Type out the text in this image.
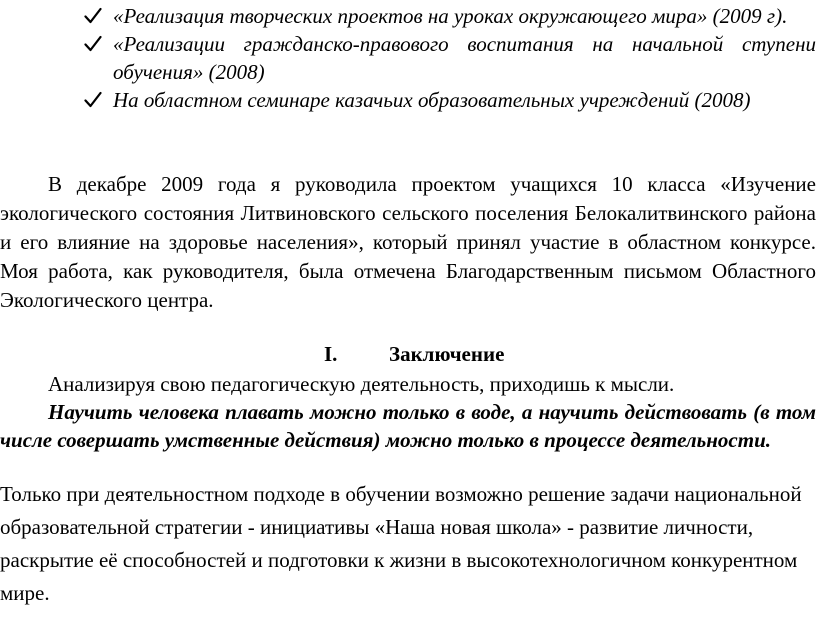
«Реализация творческих проектов на уроках окружающего мира» (2009 г).
«Реализации гражданско-правового воспитания на начальной ступени обучения» (2008)
На областном семинаре казачьих образовательных учреждений (2008)
В декабре 2009 года я руководила проектом учащихся 10 класса «Изучение экологического состояния Литвиновского сельского поселения Белокалитвинского района и его влияние на здоровье населения», который принял участие в областном конкурсе. Моя работа, как руководителя, была отмечена Благодарственным письмом Областного Экологического центра.
I. Заключение
Анализируя свою педагогическую деятельность, приходишь к мысли.
Научить человека плавать можно только в воде, а научить действовать (в том числе совершать умственные действия) можно только в процессе деятельности.
Только при деятельностном подходе в обучении возможно решение задачи национальной образовательной стратегии - инициативы «Наша новая школа» - развитие личности, раскрытие её способностей и подготовки к жизни в высокотехнологичном конкурентном мире.
